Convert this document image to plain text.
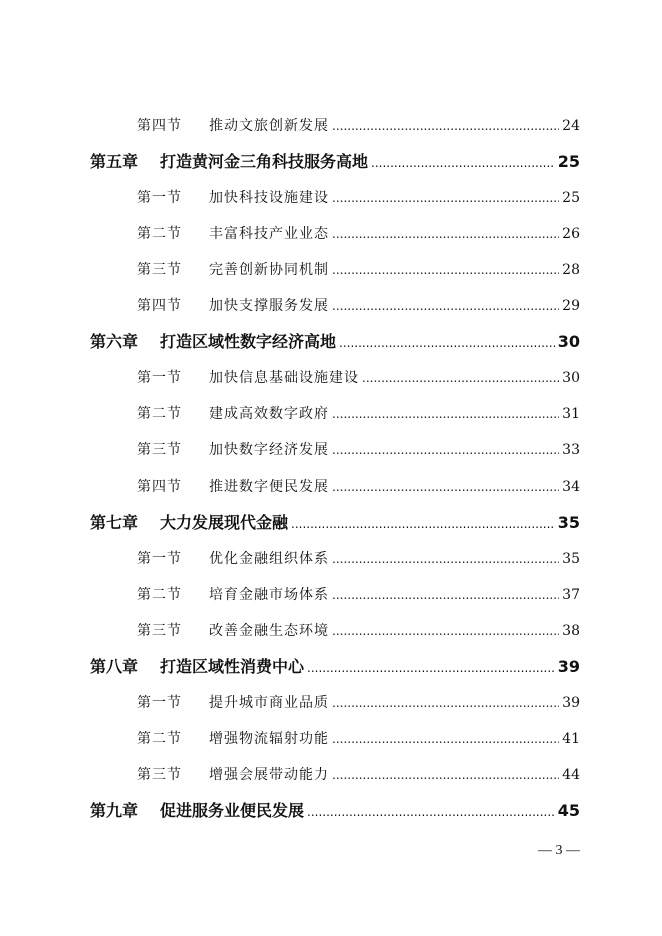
第四节	推动文旅创新发展 .....	24
第五章	打造黄河金三角科技服务高地 .....	25
第一节	加快科技设施建设 .....	25
第二节	丰富科技产业业态 .....	26
第三节	完善创新协同机制 .....	28
第四节	加快支撑服务发展 .....	29
第六章	打造区域性数字经济高地 .....	30
第一节	加快信息基础设施建设 .....	30
第二节	建成高效数字政府 .....	31
第三节	加快数字经济发展 .....	33
第四节	推进数字便民发展 .....	34
第七章	大力发展现代金融 .....	35
第一节	优化金融组织体系 .....	35
第二节	培育金融市场体系 .....	37
第三节	改善金融生态环境 .....	38
第八章	打造区域性消费中心 .....	39
第一节	提升城市商业品质 .....	39
第二节	增强物流辐射功能 .....	41
第三节	增强会展带动能力 .....	44
第九章	促进服务业便民发展 .....	45
— 3 —
